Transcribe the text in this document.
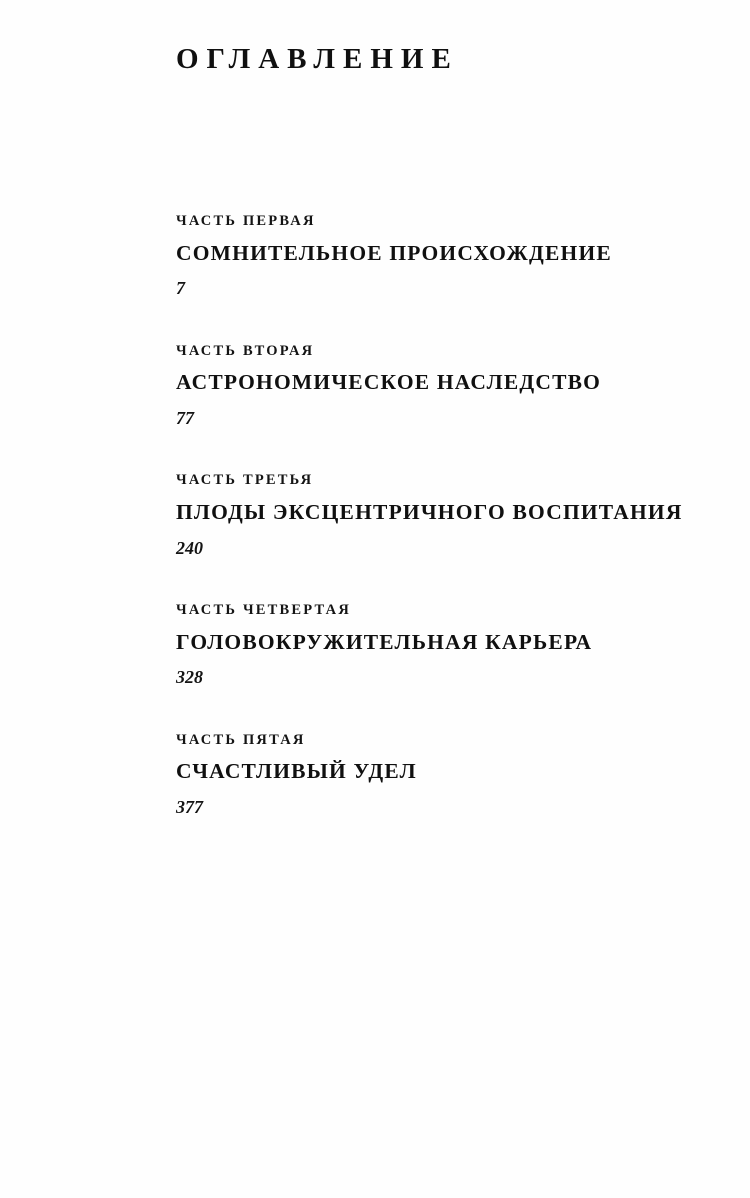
ОГЛАВЛЕНИЕ
ЧАСТЬ ПЕРВАЯ
СОМНИТЕЛЬНОЕ ПРОИСХОЖДЕНИЕ
7
ЧАСТЬ ВТОРАЯ
АСТРОНОМИЧЕСКОЕ НАСЛЕДСТВО
77
ЧАСТЬ ТРЕТЬЯ
ПЛОДЫ ЭКСЦЕНТРИЧНОГО ВОСПИТАНИЯ
240
ЧАСТЬ ЧЕТВЕРТАЯ
ГОЛОВОКРУЖИТЕЛЬНАЯ КАРЬЕРА
328
ЧАСТЬ ПЯТАЯ
СЧАСТЛИВЫЙ УДЕЛ
377
